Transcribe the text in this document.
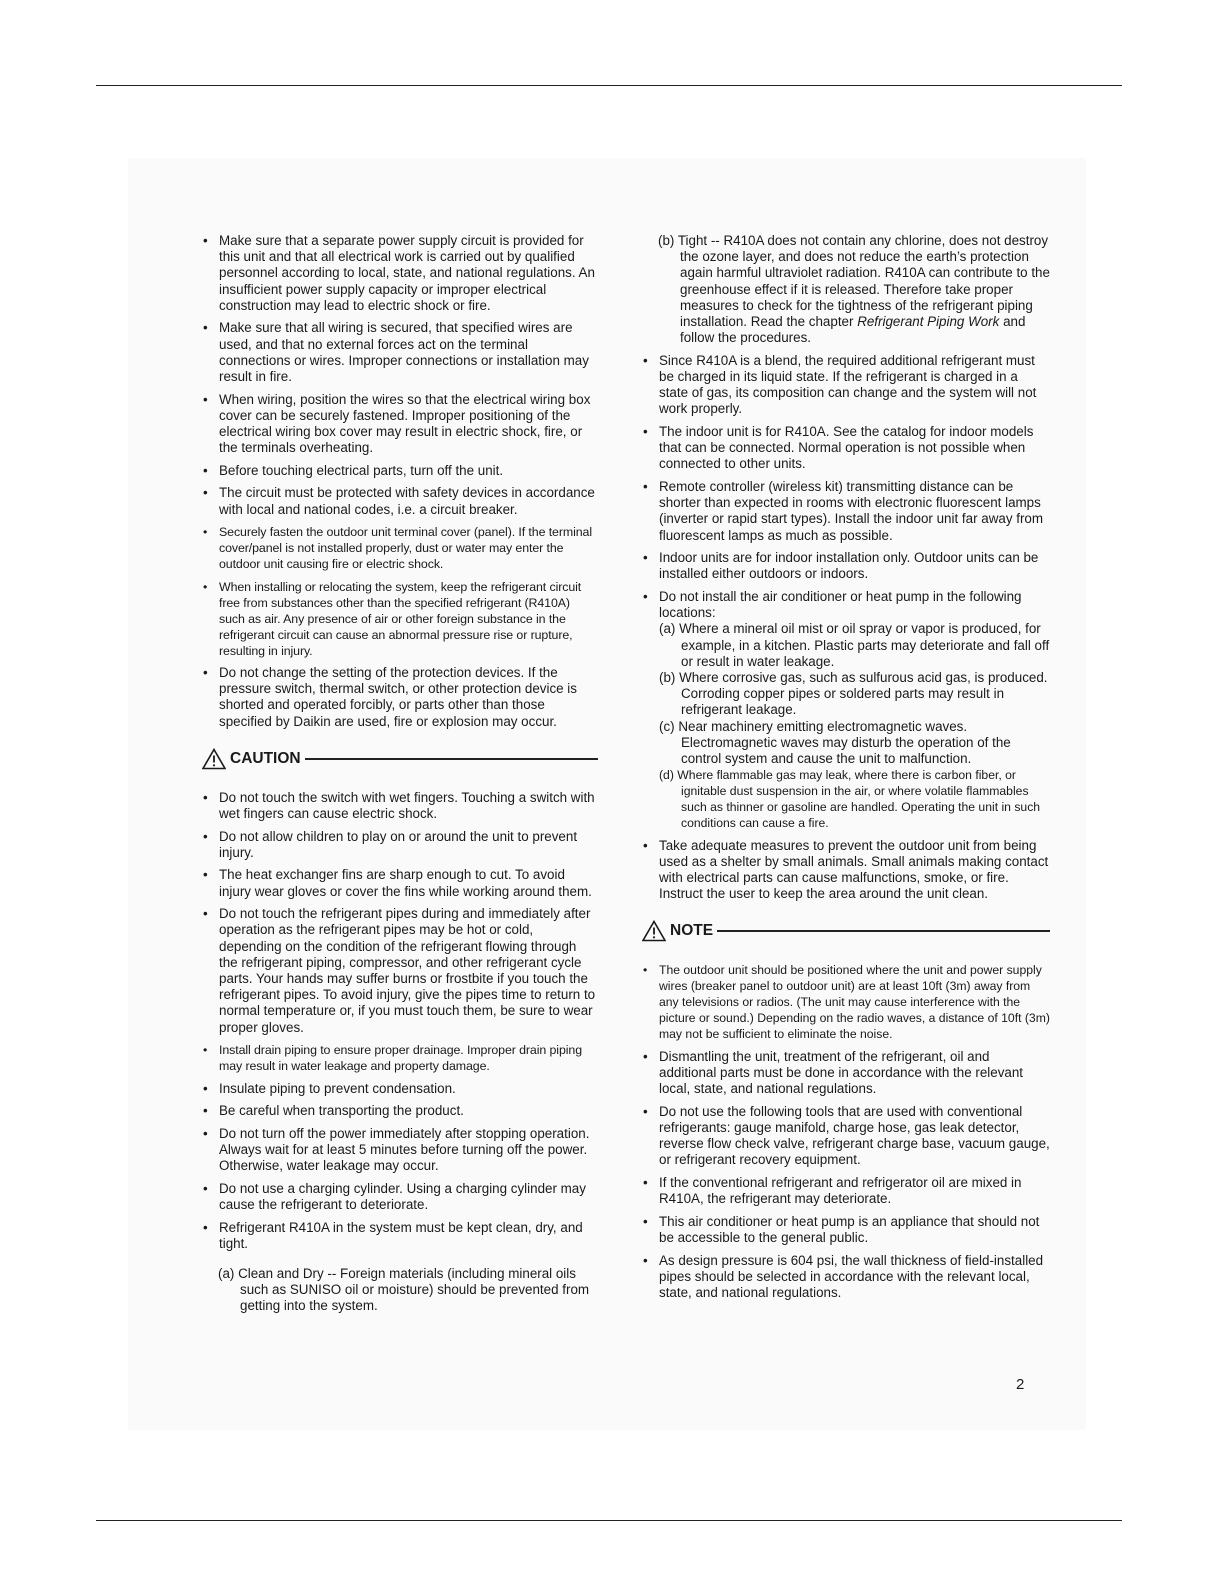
• Make sure that a separate power supply circuit is provided for this unit and that all electrical work is carried out by qualified personnel according to local, state, and national regulations. An insufficient power supply capacity or improper electrical construction may lead to electric shock or fire.
• Make sure that all wiring is secured, that specified wires are used, and that no external forces act on the terminal connections or wires. Improper connections or installation may result in fire.
• When wiring, position the wires so that the electrical wiring box cover can be securely fastened. Improper positioning of the electrical wiring box cover may result in electric shock, fire, or the terminals overheating.
• Before touching electrical parts, turn off the unit.
• The circuit must be protected with safety devices in accordance with local and national codes, i.e. a circuit breaker.
• Securely fasten the outdoor unit terminal cover (panel). If the terminal cover/panel is not installed properly, dust or water may enter the outdoor unit causing fire or electric shock.
• When installing or relocating the system, keep the refrigerant circuit free from substances other than the specified refrigerant (R410A) such as air. Any presence of air or other foreign substance in the refrigerant circuit can cause an abnormal pressure rise or rupture, resulting in injury.
• Do not change the setting of the protection devices. If the pressure switch, thermal switch, or other protection device is shorted and operated forcibly, or parts other than those specified by Daikin are used, fire or explosion may occur.
CAUTION
• Do not touch the switch with wet fingers. Touching a switch with wet fingers can cause electric shock.
• Do not allow children to play on or around the unit to prevent injury.
• The heat exchanger fins are sharp enough to cut. To avoid injury wear gloves or cover the fins while working around them.
• Do not touch the refrigerant pipes during and immediately after operation as the refrigerant pipes may be hot or cold, depending on the condition of the refrigerant flowing through the refrigerant piping, compressor, and other refrigerant cycle parts. Your hands may suffer burns or frostbite if you touch the refrigerant pipes. To avoid injury, give the pipes time to return to normal temperature or, if you must touch them, be sure to wear proper gloves.
• Install drain piping to ensure proper drainage. Improper drain piping may result in water leakage and property damage.
• Insulate piping to prevent condensation.
• Be careful when transporting the product.
• Do not turn off the power immediately after stopping operation. Always wait for at least 5 minutes before turning off the power. Otherwise, water leakage may occur.
• Do not use a charging cylinder. Using a charging cylinder may cause the refrigerant to deteriorate.
• Refrigerant R410A in the system must be kept clean, dry, and tight.

(a) Clean and Dry -- Foreign materials (including mineral oils such as SUNISO oil or moisture) should be prevented from getting into the system.

(b) Tight -- R410A does not contain any chlorine, does not destroy the ozone layer, and does not reduce the earth’s protection again harmful ultraviolet radiation. R410A can contribute to the greenhouse effect if it is released. Therefore take proper measures to check for the tightness of the refrigerant piping installation. Read the chapter Refrigerant Piping Work and follow the procedures.

• Since R410A is a blend, the required additional refrigerant must be charged in its liquid state. If the refrigerant is charged in a state of gas, its composition can change and the system will not work properly.
• The indoor unit is for R410A. See the catalog for indoor models that can be connected. Normal operation is not possible when connected to other units.
• Remote controller (wireless kit) transmitting distance can be shorter than expected in rooms with electronic fluorescent lamps (inverter or rapid start types). Install the indoor unit far away from fluorescent lamps as much as possible.
• Indoor units are for indoor installation only. Outdoor units can be installed either outdoors or indoors.
• Do not install the air conditioner or heat pump in the following locations:

(a) Where a mineral oil mist or oil spray or vapor is produced, for example, in a kitchen. Plastic parts may deteriorate and fall off or result in water leakage.

(b) Where corrosive gas, such as sulfurous acid gas, is produced. Corroding copper pipes or soldered parts may result in refrigerant leakage.

(c) Near machinery emitting electromagnetic waves. Electromagnetic waves may disturb the operation of the control system and cause the unit to malfunction.

(d) Where flammable gas may leak, where there is carbon fiber, or ignitable dust suspension in the air, or where volatile flammables such as thinner or gasoline are handled. Operating the unit in such conditions can cause a fire.

• Take adequate measures to prevent the outdoor unit from being used as a shelter by small animals. Small animals making contact with electrical parts can cause malfunctions, smoke, or fire. Instruct the user to keep the area around the unit clean.
NOTE
• The outdoor unit should be positioned where the unit and power supply wires (breaker panel to outdoor unit) are at least 10ft (3m) away from any televisions or radios. (The unit may cause interference with the picture or sound.) Depending on the radio waves, a distance of 10ft (3m) may not be sufficient to eliminate the noise.
• Dismantling the unit, treatment of the refrigerant, oil and additional parts must be done in accordance with the relevant local, state, and national regulations.
• Do not use the following tools that are used with conventional refrigerants: gauge manifold, charge hose, gas leak detector, reverse flow check valve, refrigerant charge base, vacuum gauge, or refrigerant recovery equipment.
• If the conventional refrigerant and refrigerator oil are mixed in R410A, the refrigerant may deteriorate.
• This air conditioner or heat pump is an appliance that should not be accessible to the general public.
• As design pressure is 604 psi, the wall thickness of field-installed pipes should be selected in accordance with the relevant local, state, and national regulations.
2
